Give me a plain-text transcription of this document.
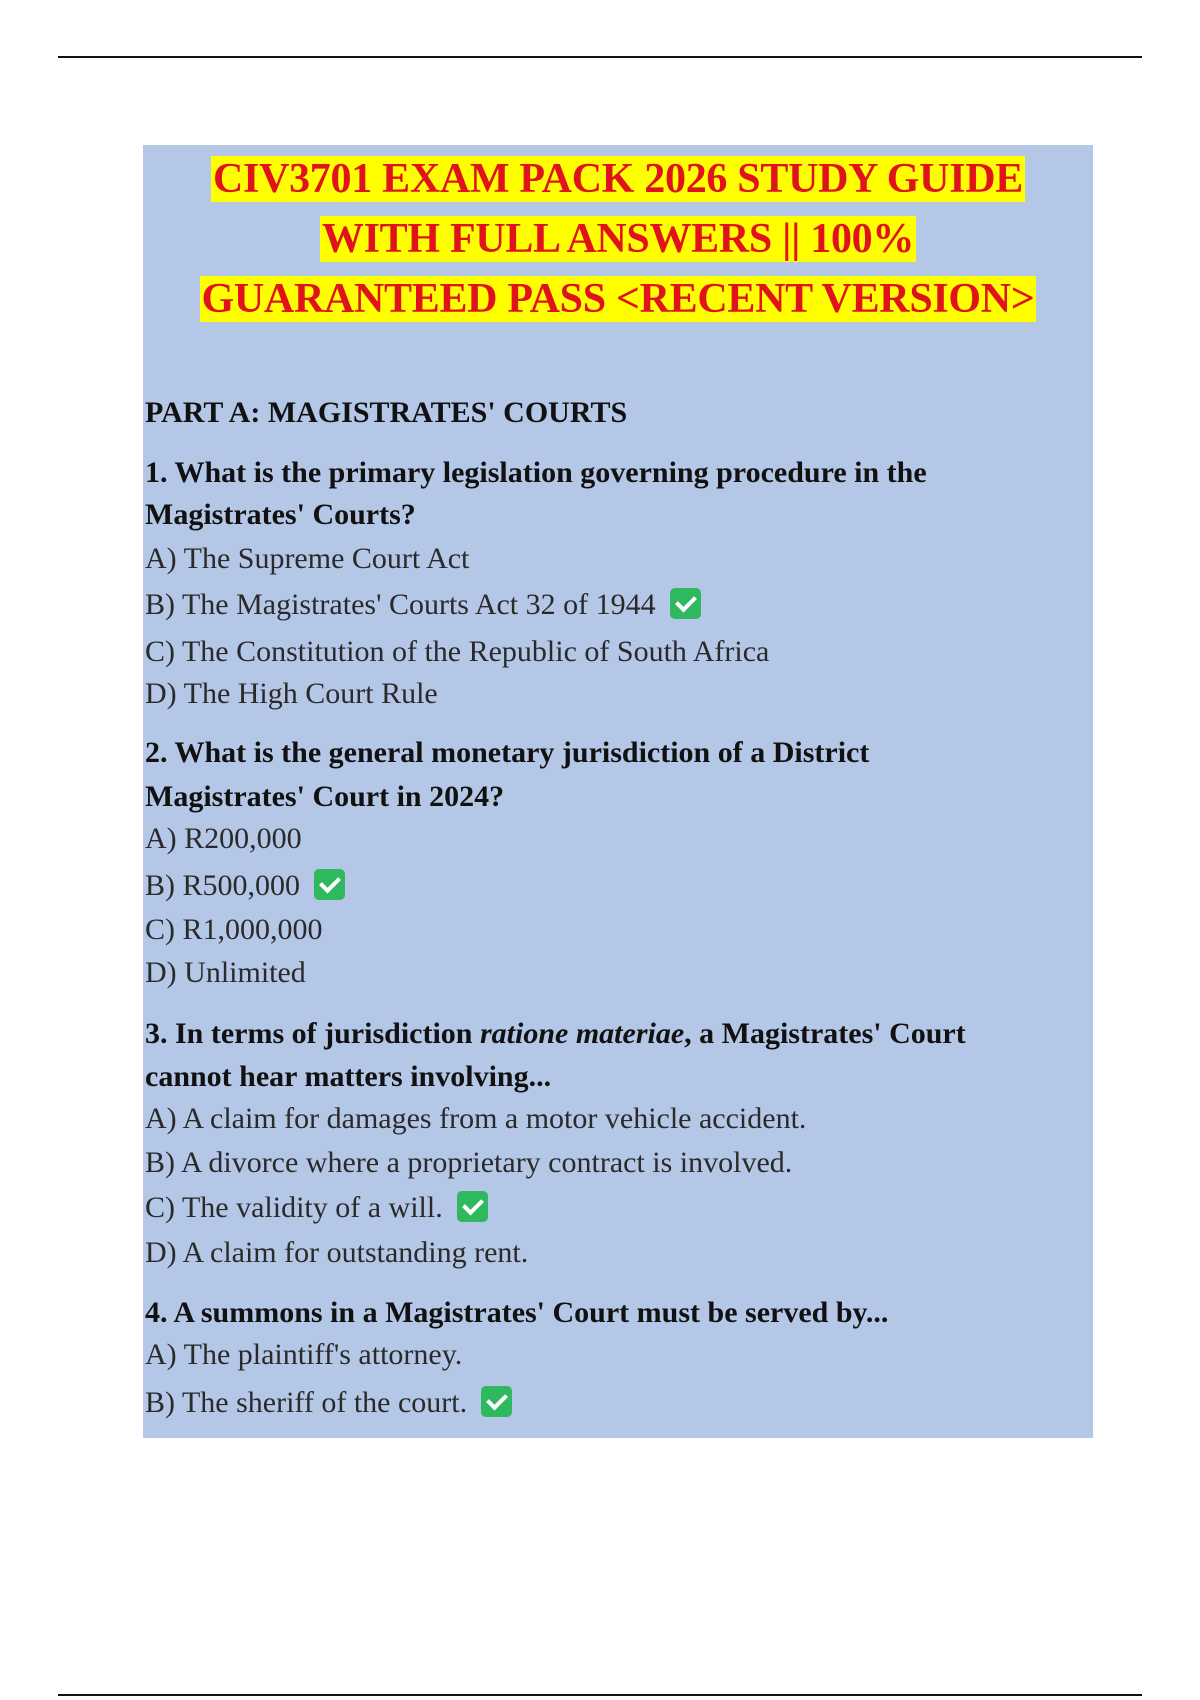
CIV3701 EXAM PACK 2026 STUDY GUIDE
WITH FULL ANSWERS || 100%
GUARANTEED PASS <RECENT VERSION>
PART A: MAGISTRATES' COURTS
1. What is the primary legislation governing procedure in the
Magistrates' Courts?
A) The Supreme Court Act
B) The Magistrates' Courts Act 32 of 1944
C) The Constitution of the Republic of South Africa
D) The High Court Rule
2. What is the general monetary jurisdiction of a District
Magistrates' Court in 2024?
A) R200,000
B) R500,000
C) R1,000,000
D) Unlimited
3. In terms of jurisdiction ratione materiae, a Magistrates' Court
cannot hear matters involving...
A) A claim for damages from a motor vehicle accident.
B) A divorce where a proprietary contract is involved.
C) The validity of a will.
D) A claim for outstanding rent.
4. A summons in a Magistrates' Court must be served by...
A) The plaintiff's attorney.
B) The sheriff of the court.
